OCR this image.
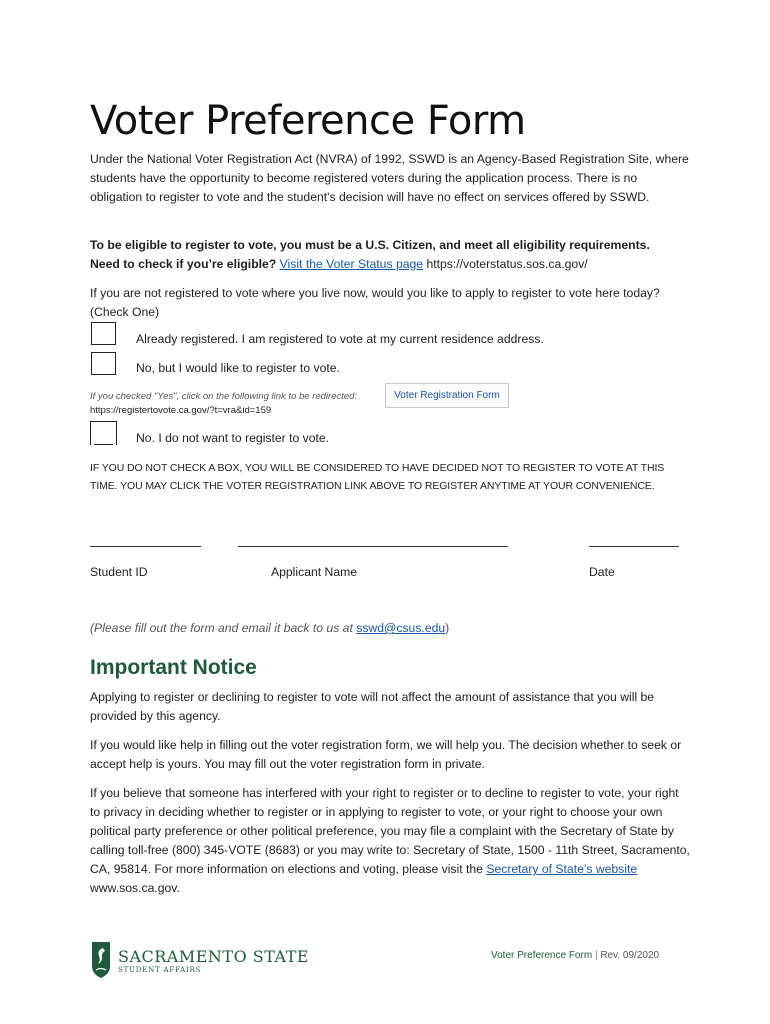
Voter Preference Form
Under the National Voter Registration Act (NVRA) of 1992, SSWD is an Agency-Based Registration Site, where students have the opportunity to become registered voters during the application process. There is no obligation to register to vote and the student's decision will have no effect on services offered by SSWD.
To be eligible to register to vote, you must be a U.S. Citizen, and meet all eligibility requirements.
Need to check if you’re eligible? Visit the Voter Status page https://voterstatus.sos.ca.gov/
If you are not registered to vote where you live now, would you like to apply to register to vote here today? (Check One)
Already registered. I am registered to vote at my current residence address.
No, but I would like to register to vote.
If you checked "Yes", click on the following link to be redirected:	Voter Registration Form
https://registertovote.ca.gov/?t=vra&id=159
No. I do not want to register to vote.
IF YOU DO NOT CHECK A BOX, YOU WILL BE CONSIDERED TO HAVE DECIDED NOT TO REGISTER TO VOTE AT THIS TIME. YOU MAY CLICK THE VOTER REGISTRATION LINK ABOVE TO REGISTER ANYTIME AT YOUR CONVENIENCE.
Student ID	Applicant Name	Date
(Please fill out the form and email it back to us at sswd@csus.edu)
Important Notice
Applying to register or declining to register to vote will not affect the amount of assistance that you will be provided by this agency.
If you would like help in filling out the voter registration form, we will help you. The decision whether to seek or accept help is yours. You may fill out the voter registration form in private.
If you believe that someone has interfered with your right to register or to decline to register to vote, your right to privacy in deciding whether to register or in applying to register to vote, or your right to choose your own political party preference or other political preference, you may file a complaint with the Secretary of State by calling toll-free (800) 345-VOTE (8683) or you may write to: Secretary of State, 1500 - 11th Street, Sacramento, CA, 95814. For more information on elections and voting, please visit the Secretary of State’s website www.sos.ca.gov.
SACRAMENTO STATE
STUDENT AFFAIRS
Voter Preference Form | Rev. 09/2020
